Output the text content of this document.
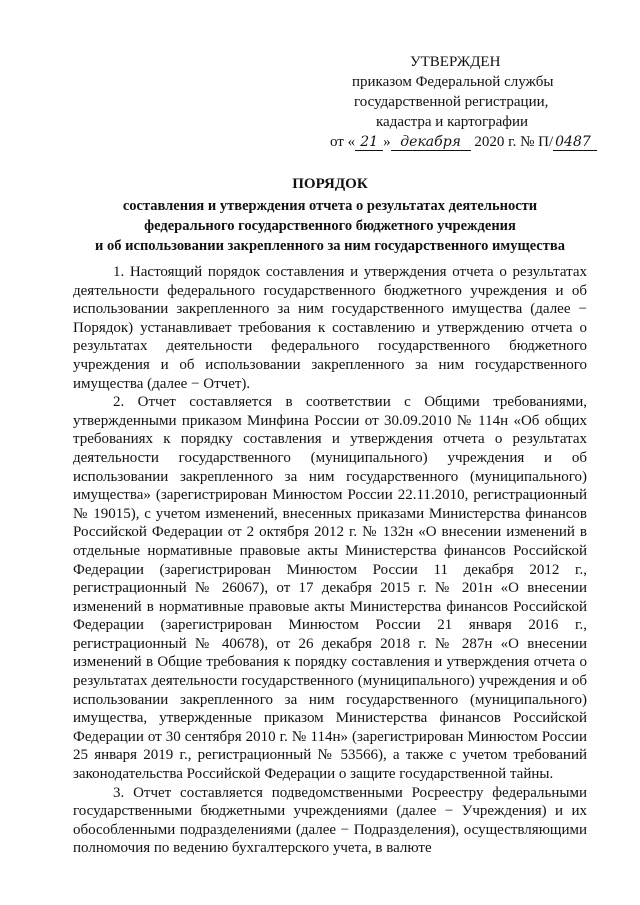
УТВЕРЖДЕН
приказом Федеральной службы
государственной регистрации,
кадастра и картографии
от « 21 » декабря 2020 г. № П/ 0487
ПОРЯДОК
составления и утверждения отчета о результатах деятельности
федерального государственного бюджетного учреждения
и об использовании закрепленного за ним государственного имущества

1. Настоящий порядок составления и утверждения отчета о результатах деятельности федерального государственного бюджетного учреждения и об использовании закрепленного за ним государственного имущества (далее − Порядок) устанавливает требования к составлению и утверждению отчета о результатах деятельности федерального государственного бюджетного учреждения и об использовании закрепленного за ним государственного имущества (далее − Отчет).

2. Отчет составляется в соответствии с Общими требованиями, утвержденными приказом Минфина России от 30.09.2010 № 114н «Об общих требованиях к порядку составления и утверждения отчета о результатах деятельности государственного (муниципального) учреждения и об использовании закрепленного за ним государственного (муниципального) имущества» (зарегистрирован Минюстом России 22.11.2010, регистрационный № 19015), с учетом изменений, внесенных приказами Министерства финансов Российской Федерации от 2 октября 2012 г. № 132н «О внесении изменений в отдельные нормативные правовые акты Министерства финансов Российской Федерации (зарегистрирован Минюстом России 11 декабря 2012 г., регистрационный № 26067), от 17 декабря 2015 г. № 201н «О внесении изменений в нормативные правовые акты Министерства финансов Российской Федерации (зарегистрирован Минюстом России 21 января 2016 г., регистрационный № 40678), от 26 декабря 2018 г. № 287н «О внесении изменений в Общие требования к порядку составления и утверждения отчета о результатах деятельности государственного (муниципального) учреждения и об использовании закрепленного за ним государственного (муниципального) имущества, утвержденные приказом Министерства финансов Российской Федерации от 30 сентября 2010 г. № 114н» (зарегистрирован Минюстом России 25 января 2019 г., регистрационный № 53566), а также с учетом требований законодательства Российской Федерации о защите государственной тайны.

3. Отчет составляется подведомственными Росреестру федеральными государственными бюджетными учреждениями (далее − Учреждения) и их обособленными подразделениями (далее − Подразделения), осуществляющими полномочия по ведению бухгалтерского учета, в валюте
